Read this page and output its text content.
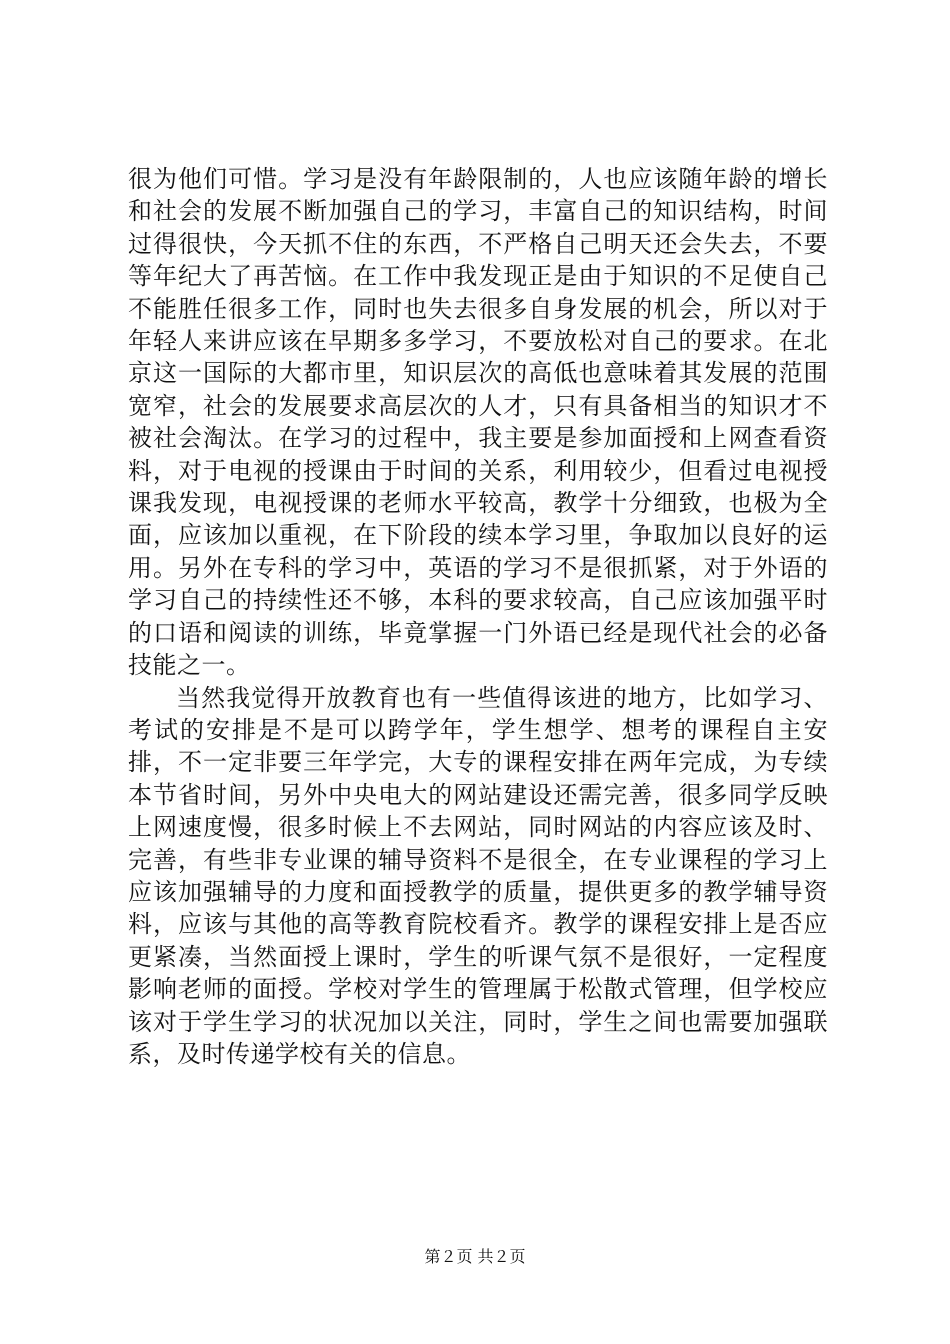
很为他们可惜。学习是没有年龄限制的，人也应该随年龄的增长和社会的发展不断加强自己的学习，丰富自己的知识结构，时间过得很快，今天抓不住的东西，不严格自己明天还会失去，不要等年纪大了再苦恼。在工作中我发现正是由于知识的不足使自己不能胜任很多工作，同时也失去很多自身发展的机会，所以对于年轻人来讲应该在早期多多学习，不要放松对自己的要求。在北京这一国际的大都市里，知识层次的高低也意味着其发展的范围宽窄，社会的发展要求高层次的人才，只有具备相当的知识才不被社会淘汰。在学习的过程中，我主要是参加面授和上网查看资料，对于电视的授课由于时间的关系，利用较少，但看过电视授课我发现，电视授课的老师水平较高，教学十分细致，也极为全面，应该加以重视，在下阶段的续本学习里，争取加以良好的运用。另外在专科的学习中，英语的学习不是很抓紧，对于外语的学习自己的持续性还不够，本科的要求较高，自己应该加强平时的口语和阅读的训练，毕竟掌握一门外语已经是现代社会的必备技能之一。

当然我觉得开放教育也有一些值得该进的地方，比如学习、考试的安排是不是可以跨学年，学生想学、想考的课程自主安排，不一定非要三年学完，大专的课程安排在两年完成，为专续本节省时间，另外中央电大的网站建设还需完善，很多同学反映上网速度慢，很多时候上不去网站，同时网站的内容应该及时、完善，有些非专业课的辅导资料不是很全，在专业课程的学习上应该加强辅导的力度和面授教学的质量，提供更多的教学辅导资料，应该与其他的高等教育院校看齐。教学的课程安排上是否应更紧凑，当然面授上课时，学生的听课气氛不是很好，一定程度影响老师的面授。学校对学生的管理属于松散式管理，但学校应该对于学生学习的状况加以关注，同时，学生之间也需要加强联系，及时传递学校有关的信息。

第２页 共２页
